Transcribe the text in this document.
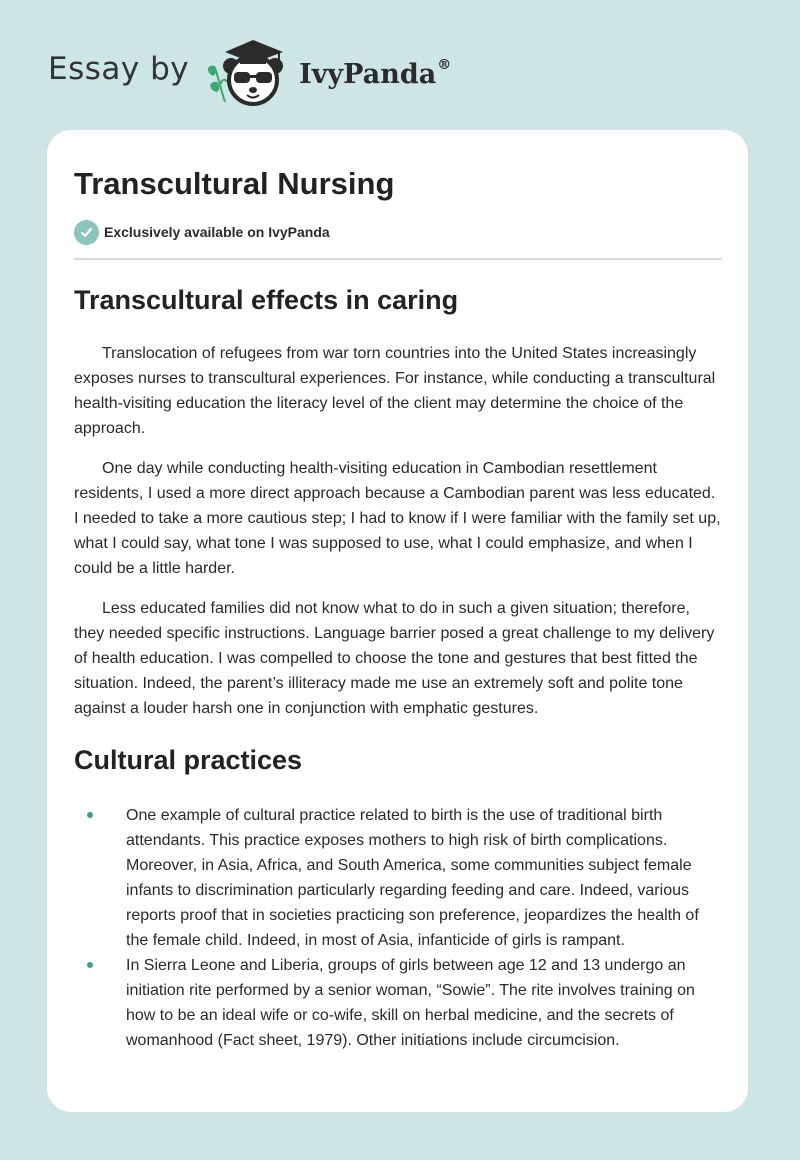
Essay by	IvyPanda®
Transcultural Nursing
Exclusively available on IvyPanda
Transcultural effects in caring

Translocation of refugees from war torn countries into the United States increasingly exposes nurses to transcultural experiences. For instance, while conducting a transcultural health-visiting education the literacy level of the client may determine the choice of the approach.

One day while conducting health-visiting education in Cambodian resettlement residents, I used a more direct approach because a Cambodian parent was less educated. I needed to take a more cautious step; I had to know if I were familiar with the family set up, what I could say, what tone I was supposed to use, what I could emphasize, and when I could be a little harder.

Less educated families did not know what to do in such a given situation; therefore, they needed specific instructions. Language barrier posed a great challenge to my delivery of health education. I was compelled to choose the tone and gestures that best fitted the situation. Indeed, the parent’s illiteracy made me use an extremely soft and polite tone against a louder harsh one in conjunction with emphatic gestures.

Cultural practices
One example of cultural practice related to birth is the use of traditional birth attendants. This practice exposes mothers to high risk of birth complications. Moreover, in Asia, Africa, and South America, some communities subject female infants to discrimination particularly regarding feeding and care. Indeed, various reports proof that in societies practicing son preference, jeopardizes the health of the female child. Indeed, in most of Asia, infanticide of girls is rampant.
In Sierra Leone and Liberia, groups of girls between age 12 and 13 undergo an initiation rite performed by a senior woman, “Sowie”. The rite involves training on how to be an ideal wife or co-wife, skill on herbal medicine, and the secrets of womanhood (Fact sheet, 1979). Other initiations include circumcision.
